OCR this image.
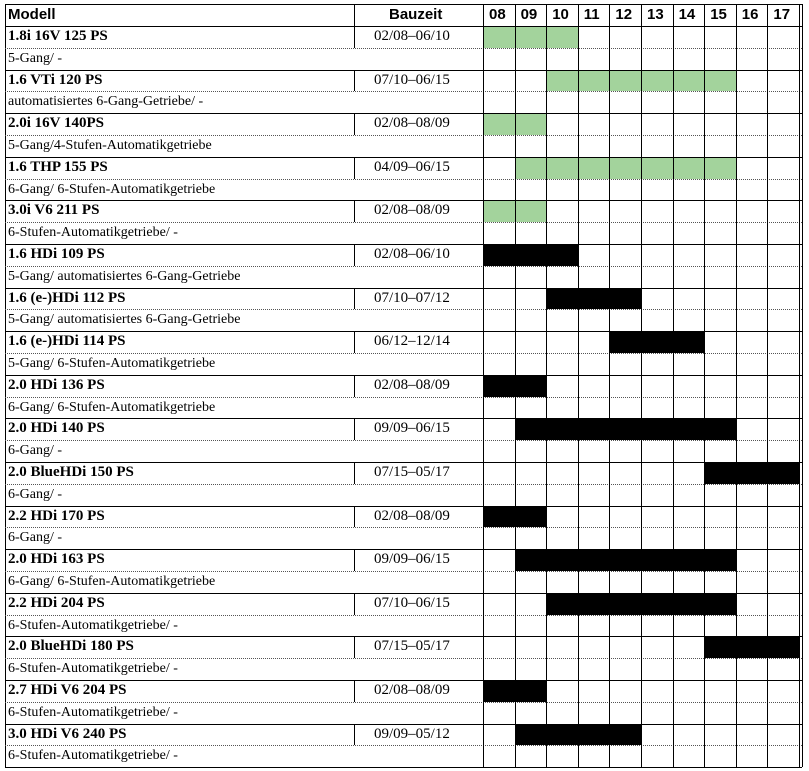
Modell	Bauzeit	08 09 10 11 12 13 14 15 16 17
1.8i 16V 125 PS	02/08–06/10
5-Gang/ -
1.6 VTi 120 PS	07/10–06/15
automatisiertes 6-Gang-Getriebe/ -
2.0i 16V 140PS	02/08–08/09
5-Gang/4-Stufen-Automatikgetriebe
1.6 THP 155 PS	04/09–06/15
6-Gang/ 6-Stufen-Automatikgetriebe
3.0i V6 211 PS	02/08–08/09
6-Stufen-Automatikgetriebe/ -
1.6 HDi 109 PS	02/08–06/10
5-Gang/ automatisiertes 6-Gang-Getriebe
1.6 (e-)HDi 112 PS	07/10–07/12
5-Gang/ automatisiertes 6-Gang-Getriebe
1.6 (e-)HDi 114 PS	06/12–12/14
5-Gang/ 6-Stufen-Automatikgetriebe
2.0 HDi 136 PS	02/08–08/09
6-Gang/ 6-Stufen-Automatikgetriebe
2.0 HDi 140 PS	09/09–06/15
6-Gang/ -
2.0 BlueHDi 150 PS	07/15–05/17
6-Gang/ -
2.2 HDi 170 PS	02/08–08/09
6-Gang/ -
2.0 HDi 163 PS	09/09–06/15
6-Gang/ 6-Stufen-Automatikgetriebe
2.2 HDi 204 PS	07/10–06/15
6-Stufen-Automatikgetriebe/ -
2.0 BlueHDi 180 PS	07/15–05/17
6-Stufen-Automatikgetriebe/ -
2.7 HDi V6 204 PS	02/08–08/09
6-Stufen-Automatikgetriebe/ -
3.0 HDi V6 240 PS	09/09–05/12
6-Stufen-Automatikgetriebe/ -
